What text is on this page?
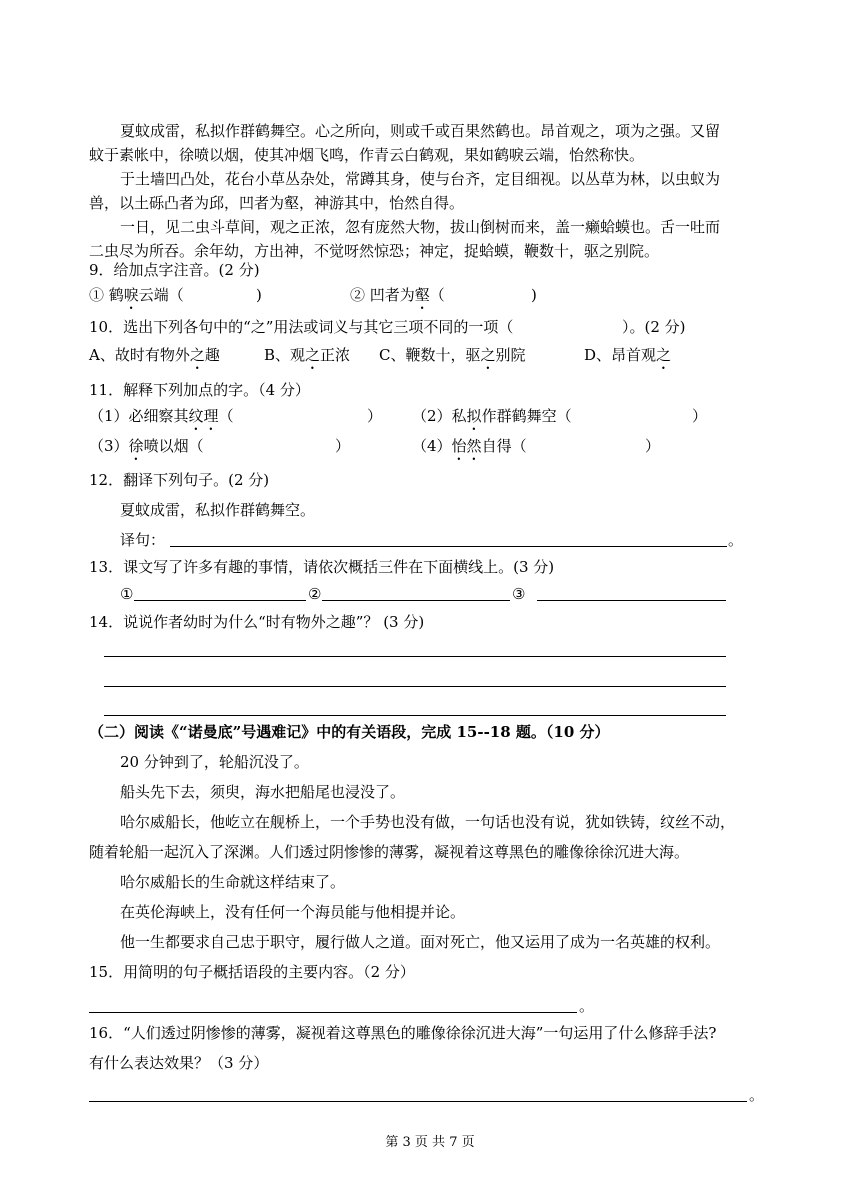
夏蚊成雷，私拟作群鹤舞空。心之所向，则或千或百果然鹤也。昂首观之，项为之强。又留
蚊于素帐中，徐喷以烟，使其冲烟飞鸣，作青云白鹤观，果如鹤唳云端，怡然称快。
于土墙凹凸处，花台小草丛杂处，常蹲其身，使与台齐，定目细视。以丛草为林，以虫蚁为
兽，以土砾凸者为邱，凹者为壑，神游其中，怡然自得。
一日，见二虫斗草间，观之正浓，忽有庞然大物，拔山倒树而来，盖一癞蛤蟆也。舌一吐而
二虫尽为所吞。余年幼，方出神，不觉呀然惊恐；神定，捉蛤蟆，鞭数十，驱之别院。
9．给加点字注音。(2 分)
① 鹤唳云端（	)	② 凹者为壑（	)
10．选出下列各句中的“之”用法或词义与其它三项不同的一项（	）。(2 分)
A、故时有物外之趣	B、观之正浓 C、鞭数十，驱之别院	D、昂首观之
11．解释下列加点的字。（4 分）
（1）必细察其纹理（	） （2）私拟作群鹤舞空（	）
（3）徐喷以烟（	）	（4）怡然自得（	）
12．翻译下列句子。(2 分)
夏蚊成雷，私拟作群鹤舞空。
译句：	。
13．课文写了许多有趣的事情，请依次概括三件在下面横线上。(3 分)
①	②	③
14．说说作者幼时为什么“时有物外之趣”？ (3 分)
（二）阅读《“诺曼底”号遇难记》中的有关语段，完成 15--18 题。（10 分）
20 分钟到了，轮船沉没了。
船头先下去，须臾，海水把船尾也浸没了。
哈尔威船长，他屹立在舰桥上，一个手势也没有做，一句话也没有说，犹如铁铸，纹丝不动，
随着轮船一起沉入了深渊。人们透过阴惨惨的薄雾，凝视着这尊黑色的雕像徐徐沉进大海。
哈尔威船长的生命就这样结束了。
在英伦海峡上，没有任何一个海员能与他相提并论。
他一生都要求自己忠于职守，履行做人之道。面对死亡，他又运用了成为一名英雄的权利。
15．用简明的句子概括语段的主要内容。（2 分）
。
16．“人们透过阴惨惨的薄雾，凝视着这尊黑色的雕像徐徐沉进大海”一句运用了什么修辞手法?
有什么表达效果？（3 分）
。
第 3 页 共 7 页
